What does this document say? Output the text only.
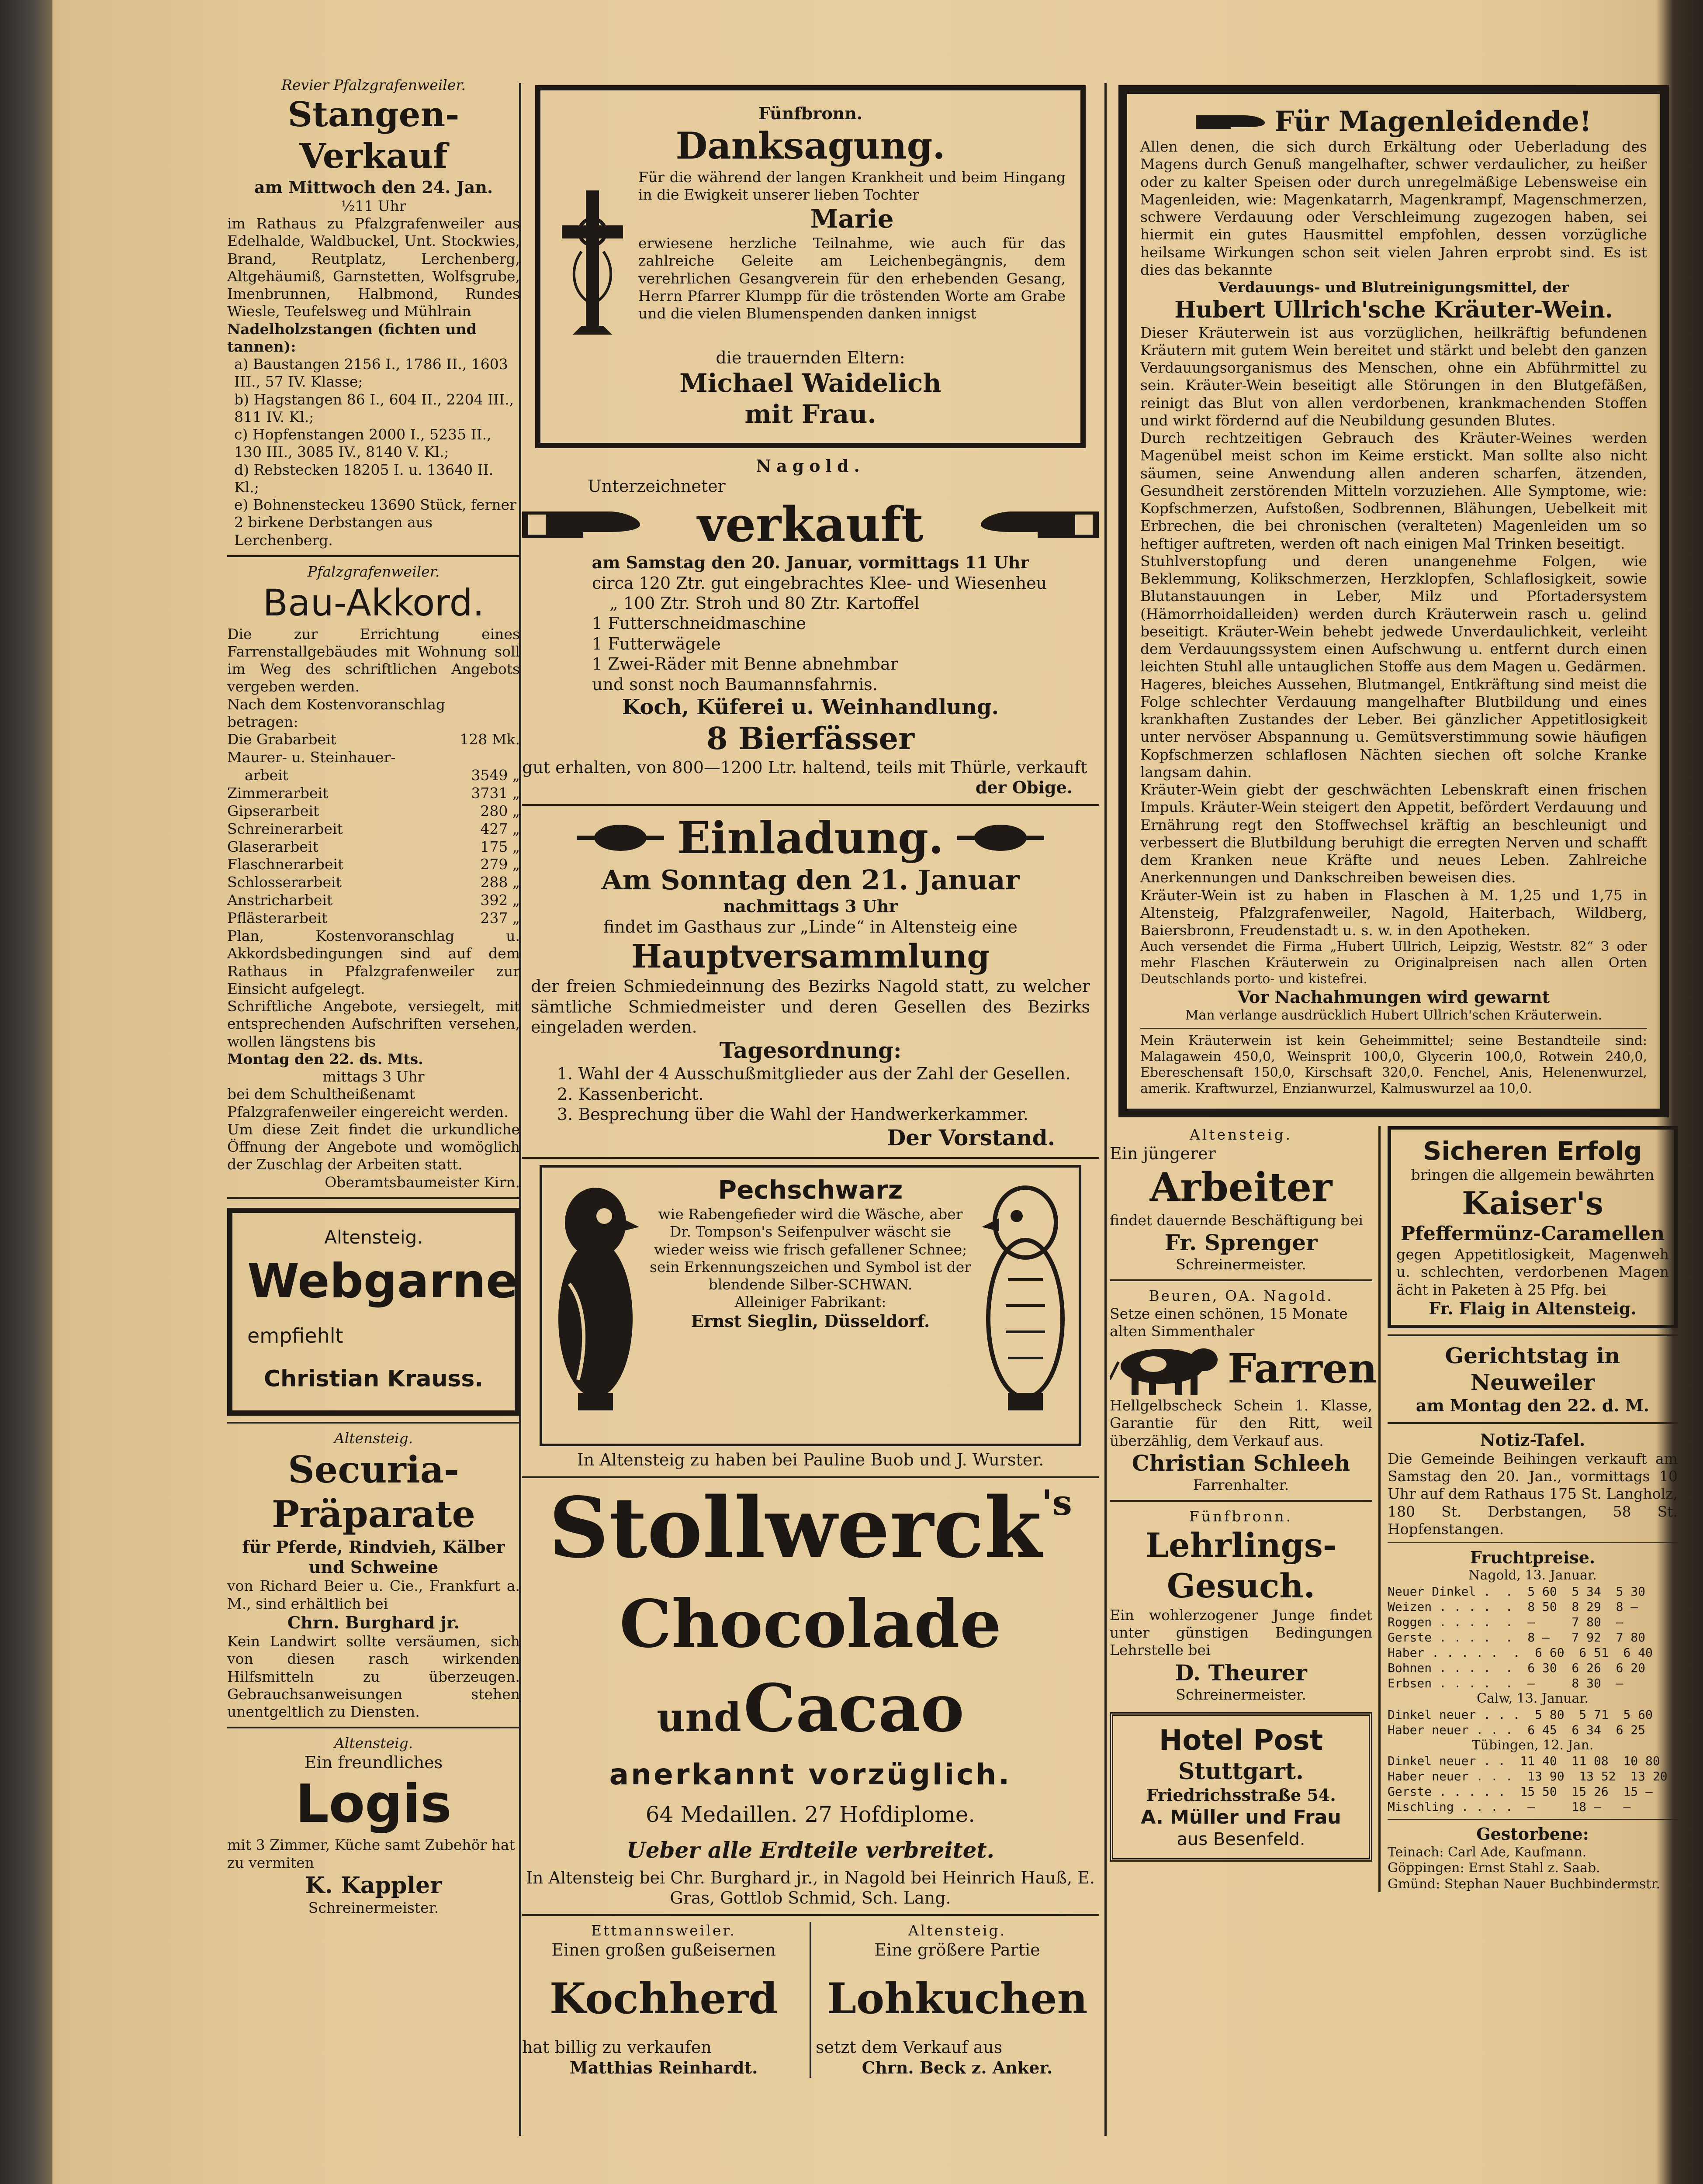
Revier Pfalzgrafenweiler.

Stangen-Verkauf

am Mittwoch den 24. Jan.

½11 Uhr

im Rathaus zu Pfalzgrafenweiler aus Edelhalde, Waldbuckel, Unt. Stockwies, Brand, Reutplatz, Lerchenberg, Altgehäumiß, Garnstetten, Wolfsgrube, Imenbrunnen, Halbmond, Rundes Wiesle, Teufelsweg und Mühlrain

Nadelholzstangen (fichten und tannen):

a) Baustangen 2156 I., 1786 II., 1603 III., 57 IV. Klasse;

b) Hagstangen 86 I., 604 II., 2204 III., 811 IV. Kl.;

c) Hopfenstangen 2000 I., 5235 II., 130 III., 3085 IV., 8140 V. Kl.;

d) Rebstecken 18205 I. u. 13640 II. Kl.;

e) Bohnensteckeu 13690 Stück, ferner 2 birkene Derbstangen aus Lerchenberg.

Pfalzgrafenweiler.

Bau-Akkord.

Die zur Errichtung eines Farrenstallgebäudes mit Wohnung soll im Weg des schriftlichen Angebots vergeben werden.

Nach dem Kostenvoranschlag betragen:

Die Grabarbeit	128 Mk.
Maurer- u. Steinhauer-
arbeit	3549 „
Zimmerarbeit	3731 „
Gipserarbeit	280 „
Schreinerarbeit	427 „
Glaserarbeit	175 „
Flaschnerarbeit	279 „
Schlosserarbeit	288 „
Anstricharbeit	392 „
Pflästerarbeit	237 „

Plan, Kostenvoranschlag u. Akkordsbedingungen sind auf dem Rathaus in Pfalzgrafenweiler zur Einsicht aufgelegt.

Schriftliche Angebote, versiegelt, mit entsprechenden Aufschriften versehen, wollen längstens bis

Montag den 22. ds. Mts.

mittags 3 Uhr

bei dem Schultheißenamt Pfalzgrafenweiler eingereicht werden.

Um diese Zeit findet die urkundliche Öffnung der Angebote und womöglich der Zuschlag der Arbeiten statt.

Oberamtsbaumeister Kirn.

Altensteig.

Webgarne

empfiehlt

Christian Krauss.

Altensteig.

Securia-

Präparate

für Pferde, Rindvieh, Kälber und Schweine

von Richard Beier u. Cie., Frankfurt a. M., sind erhältlich bei

Chrn. Burghard jr.

Kein Landwirt sollte versäumen, sich von diesen rasch wirkenden Hilfsmitteln zu überzeugen. Gebrauchsanweisungen stehen unentgeltlich zu Diensten.

Altensteig.

Ein freundliches

Logis

mit 3 Zimmer, Küche samt Zubehör hat zu vermiten

K. Kappler

Schreinermeister.

Fünfbronn.

Danksagung.

Für die während der langen Krankheit und beim Hingang in die Ewigkeit unserer lieben Tochter

Marie

erwiesene herzliche Teilnahme, wie auch für das zahlreiche Geleite am Leichenbegängnis, dem verehrlichen Gesangverein für den erhebenden Gesang, Herrn Pfarrer Klumpp für die tröstenden Worte am Grabe und die vielen Blumenspenden danken innigst

die trauernden Eltern:

Michael Waidelich

mit Frau.

Nagold.

Unterzeichneter

verkauft

am Samstag den 20. Januar, vormittags 11 Uhr

circa 120 Ztr. gut eingebrachtes Klee- und Wiesenheu

„ 100 Ztr. Stroh und 80 Ztr. Kartoffel

1 Futterschneidmaschine

1 Futterwägele

1 Zwei-Räder mit Benne abnehmbar

und sonst noch Baumannsfahrnis.

Koch, Küferei u. Weinhandlung.

8 Bierfässer

gut erhalten, von 800—1200 Ltr. haltend, teils mit Thürle, verkauft

der Obige.

Einladung.

Am Sonntag den 21. Januar

nachmittags 3 Uhr

findet im Gasthaus zur „Linde“ in Altensteig eine

Hauptversammlung

der freien Schmiedeinnung des Bezirks Nagold statt, zu welcher sämtliche Schmiedmeister und deren Gesellen des Bezirks eingeladen werden.

Tagesordnung:

1. Wahl der 4 Ausschußmitglieder aus der Zahl der Gesellen.

2. Kassenbericht.

3. Besprechung über die Wahl der Handwerkerkammer.

Der Vorstand.

Pechschwarz

wie Rabengefieder wird die Wäsche, aber Dr. Tompson's Seifenpulver wäscht sie wieder weiss wie frisch gefallener Schnee; sein Erkennungszeichen und Symbol ist der blendende Silber-SCHWAN.

Alleiniger Fabrikant:

Ernst Sieglin, Düsseldorf.

In Altensteig zu haben bei Pauline Buob und J. Wurster.

Stollwerck$^{'s}$

Chocolade

und Cacao

anerkannt vorzüglich.

64 Medaillen. 27 Hofdiplome.

Ueber alle Erdteile verbreitet.

In Altensteig bei Chr. Burghard jr., in Nagold bei Heinrich Hauß, E. Gras, Gottlob Schmid, Sch. Lang.

Ettmannsweiler.

Einen großen gußeisernen

Kochherd

hat billig zu verkaufen

Matthias Reinhardt.

Altensteig.

Eine größere Partie

Lohkuchen

setzt dem Verkauf aus

Chrn. Beck z. Anker.

Für Magenleidende!

Allen denen, die sich durch Erkältung oder Ueberladung des Magens durch Genuß mangelhafter, schwer verdaulicher, zu heißer oder zu kalter Speisen oder durch unregelmäßige Lebensweise ein Magenleiden, wie: Magenkatarrh, Magenkrampf, Magenschmerzen, schwere Verdauung oder Verschleimung zugezogen haben, sei hiermit ein gutes Hausmittel empfohlen, dessen vorzügliche heilsame Wirkungen schon seit vielen Jahren erprobt sind. Es ist dies das bekannte

Verdauungs- und Blutreinigungsmittel, der

Hubert Ullrich'sche Kräuter-Wein.

Dieser Kräuterwein ist aus vorzüglichen, heilkräftig befundenen Kräutern mit gutem Wein bereitet und stärkt und belebt den ganzen Verdauungsorganismus des Menschen, ohne ein Abführmittel zu sein. Kräuter-Wein beseitigt alle Störungen in den Blutgefäßen, reinigt das Blut von allen verdorbenen, krankmachenden Stoffen und wirkt fördernd auf die Neubildung gesunden Blutes.

Durch rechtzeitigen Gebrauch des Kräuter-Weines werden Magenübel meist schon im Keime erstickt. Man sollte also nicht säumen, seine Anwendung allen anderen scharfen, ätzenden, Gesundheit zerstörenden Mitteln vorzuziehen. Alle Symptome, wie: Kopfschmerzen, Aufstoßen, Sodbrennen, Blähungen, Uebelkeit mit Erbrechen, die bei chronischen (veralteten) Magenleiden um so heftiger auftreten, werden oft nach einigen Mal Trinken beseitigt.

Stuhlverstopfung und deren unangenehme Folgen, wie Beklemmung, Kolikschmerzen, Herzklopfen, Schlaflosigkeit, sowie Blutanstauungen in Leber, Milz und Pfortadersystem (Hämorrhoidalleiden) werden durch Kräuterwein rasch u. gelind beseitigt. Kräuter-Wein behebt jedwede Unverdaulichkeit, verleiht dem Verdauungssystem einen Aufschwung u. entfernt durch einen leichten Stuhl alle untauglichen Stoffe aus dem Magen u. Gedärmen.

Hageres, bleiches Aussehen, Blutmangel, Entkräftung sind meist die Folge schlechter Verdauung mangelhafter Blutbildung und eines krankhaften Zustandes der Leber. Bei gänzlicher Appetitlosigkeit unter nervöser Abspannung u. Gemütsverstimmung sowie häufigen Kopfschmerzen schlaflosen Nächten siechen oft solche Kranke langsam dahin.

Kräuter-Wein giebt der geschwächten Lebenskraft einen frischen Impuls. Kräuter-Wein steigert den Appetit, befördert Verdauung und Ernährung regt den Stoffwechsel kräftig an beschleunigt und verbessert die Blutbildung beruhigt die erregten Nerven und schafft dem Kranken neue Kräfte und neues Leben. Zahlreiche Anerkennungen und Dankschreiben beweisen dies.

Kräuter-Wein ist zu haben in Flaschen à M. 1,25 und 1,75 in Altensteig, Pfalzgrafenweiler, Nagold, Haiterbach, Wildberg, Baiersbronn, Freudenstadt u. s. w. in den Apotheken.

Auch versendet die Firma „Hubert Ullrich, Leipzig, Weststr. 82“ 3 oder mehr Flaschen Kräuterwein zu Originalpreisen nach allen Orten Deutschlands porto- und kistefrei.

Vor Nachahmungen wird gewarnt

Man verlange ausdrücklich Hubert Ullrich'schen Kräuterwein.

Mein Kräuterwein ist kein Geheimmittel; seine Bestandteile sind: Malagawein 450,0, Weinsprit 100,0, Glycerin 100,0, Rotwein 240,0, Ebereschensaft 150,0, Kirschsaft 320,0. Fenchel, Anis, Helenenwurzel, amerik. Kraftwurzel, Enzianwurzel, Kalmuswurzel aa 10,0.

Altensteig.

Ein jüngerer

Arbeiter

findet dauernde Beschäftigung bei

Fr. Sprenger

Schreinermeister.

Beuren, OA. Nagold.

Setze einen schönen, 15 Monate alten Simmenthaler

Farren

Hellgelbscheck Schein 1. Klasse, Garantie für den Ritt, weil überzählig, dem Verkauf aus.

Christian Schleeh

Farrenhalter.

Fünfbronn.

Lehrlings-

Gesuch.

Ein wohlerzogener Junge findet unter günstigen Bedingungen Lehrstelle bei

D. Theurer

Schreinermeister.

Hotel Post

Stuttgart.

Friedrichsstraße 54.

A. Müller und Frau

aus Besenfeld.

Sicheren Erfolg

bringen die allgemein bewährten

Kaiser's

Pfeffermünz-Caramellen

gegen Appetitlosigkeit, Magenweh u. schlechten, verdorbenen Magen ächt in Paketen à 25 Pfg. bei

Fr. Flaig in Altensteig.

Gerichtstag in Neuweiler

am Montag den 22. d. M.

Notiz-Tafel.

Die Gemeinde Beihingen verkauft am Samstag den 20. Jan., vormittags 10 Uhr auf dem Rathaus 175 St. Langholz, 180 St. Derbstangen, 58 St. Hopfenstangen.

Fruchtpreise.

Nagold, 13. Januar.

Neuer Dinkel .  .  5 60  5 34  5 30

Weizen . . . .  .  8 50  8 29  8 —

Roggen . . . .  .  —     7 80  —

Gerste . . . .  .  8 —   7 92  7 80

Haber . . . . .  .  6 60  6 51  6 40

Bohnen . . . .  .  6 30  6 26  6 20

Erbsen . . . .  .  —     8 30  —

Calw, 13. Januar.

Dinkel neuer . . .  5 80  5 71  5 60

Haber neuer . . .  6 45  6 34  6 25

Tübingen, 12. Jan.

Dinkel neuer . .  11 40  11 08  10 80

Haber neuer . . .  13 90  13 52  13 20

Gerste . . . . .  15 50  15 26  15 —

Mischling . . . .  —     18 —   —

Gestorbene:

Teinach: Carl Ade, Kaufmann.

Göppingen: Ernst Stahl z. Saab.

Gmünd: Stephan Nauer Buchbindermstr.
